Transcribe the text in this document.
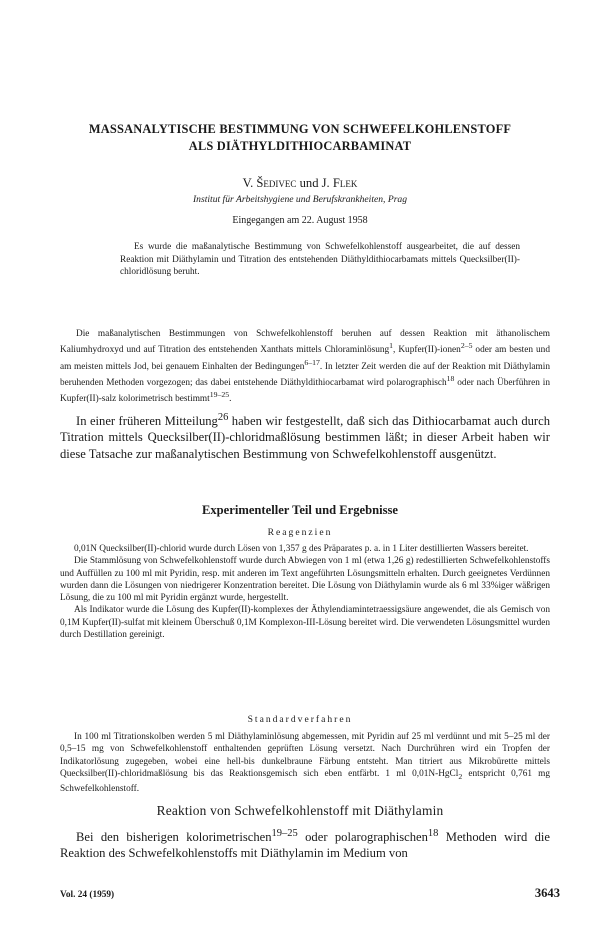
MASSANALYTISCHE BESTIMMUNG VON SCHWEFELKOHLENSTOFF
ALS DIÄTHYLDITHIOCARBAMINAT
V. Šedivec und J. Flek
Institut für Arbeitshygiene und Berufskrankheiten, Prag
Eingegangen am 22. August 1958

Es wurde die maßanalytische Bestimmung von Schwefelkohlenstoff ausgearbeitet, die auf dessen Reaktion mit Diäthylamin und Titration des entstehenden Diäthyldithiocarbamats mittels Quecksilber(II)-chloridlösung beruht.

Die maßanalytischen Bestimmungen von Schwefelkohlenstoff beruhen auf dessen Reaktion mit äthanolischem Kaliumhydroxyd und auf Titration des entstehenden Xanthats mittels Chloraminlösung$^1$, Kupfer(II)-ionen$^{2-5}$ oder am besten und am meisten mittels Jod, bei genauem Einhalten der Bedingungen$^{6-17}$. In letzter Zeit werden die auf der Reaktion mit Diäthylamin beruhenden Methoden vorgezogen; das dabei entstehende Diäthyldithiocarbamat wird polarographisch$^{18}$ oder nach Überführen in Kupfer(II)-salz kolorimetrisch bestimmt$^{19-25}$.

In einer früheren Mitteilung$^{26}$ haben wir festgestellt, daß sich das Dithiocarbamat auch durch Titration mittels Quecksilber(II)-chloridmaßlösung bestimmen läßt; in dieser Arbeit haben wir diese Tatsache zur maßanalytischen Bestimmung von Schwefelkohlenstoff ausgenützt.

Experimenteller Teil und Ergebnisse
Reagenzien

0,01N Quecksilber(II)-chlorid wurde durch Lösen von 1,357 g des Präparates p. a. in 1 Liter destillierten Wassers bereitet.

Die Stammlösung von Schwefelkohlenstoff wurde durch Abwiegen von 1 ml (etwa 1,26 g) redestillierten Schwefelkohlenstoffs und Auffüllen zu 100 ml mit Pyridin, resp. mit anderen im Text angeführten Lösungsmitteln erhalten. Durch geeignetes Verdünnen wurden dann die Lösungen von niedrigerer Konzentration bereitet. Die Lösung von Diäthylamin wurde als 6 ml 33%iger wäßrigen Lösung, die zu 100 ml mit Pyridin ergänzt wurde, hergestellt.

Als Indikator wurde die Lösung des Kupfer(II)-komplexes der Äthylendiamintetraessigsäure angewendet, die als Gemisch von 0,1M Kupfer(II)-sulfat mit kleinem Überschuß 0,1M Komplexon-III-Lösung bereitet wird. Die verwendeten Lösungsmittel wurden durch Destillation gereinigt.

Standardverfahren

In 100 ml Titrationskolben werden 5 ml Diäthylaminlösung abgemessen, mit Pyridin auf 25 ml verdünnt und mit 5–25 ml der 0,5–15 mg von Schwefelkohlenstoff enthaltenden geprüften Lösung versetzt. Nach Durchrühren wird ein Tropfen der Indikatorlösung zugegeben, wobei eine hell-bis dunkelbraune Färbung entsteht. Man titriert aus Mikrobürette mittels Quecksilber(II)-chloridmaßlösung bis das Reaktionsgemisch sich eben entfärbt. 1 ml 0,01N-HgCl$_2$ entspricht 0,761 mg Schwefelkohlenstoff.

Reaktion von Schwefelkohlenstoff mit Diäthylamin

Bei den bisherigen kolorimetrischen$^{19-25}$ oder polarographischen$^{18}$ Methoden wird die Reaktion des Schwefelkohlenstoffs mit Diäthylamin im Medium von

Vol. 24 (1959)	3643
